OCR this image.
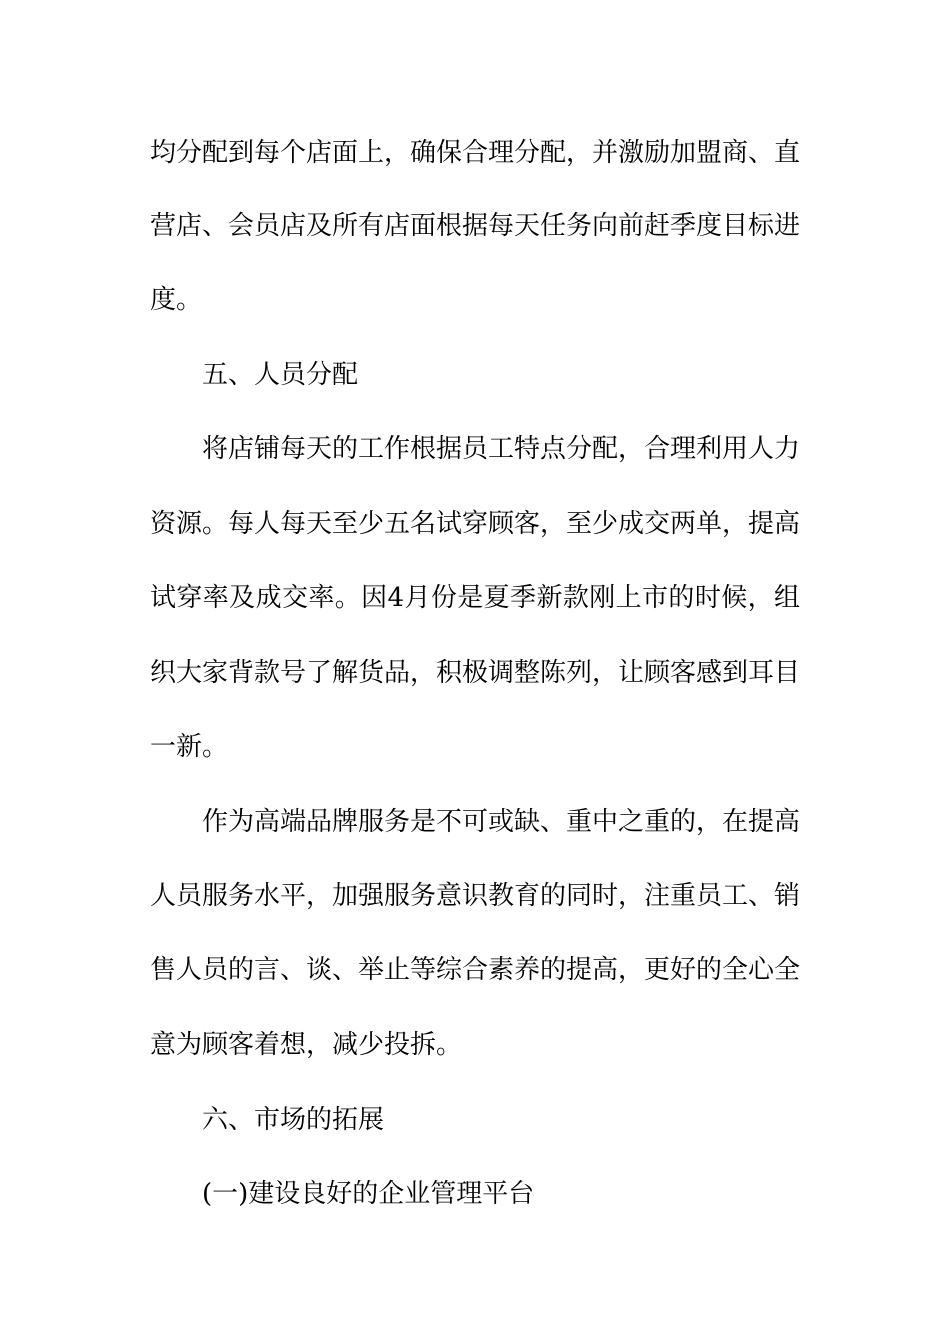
均分配到每个店面上，确保合理分配，并激励加盟商、直
营店、会员店及所有店面根据每天任务向前赶季度目标进
度。
五、人员分配
将店铺每天的工作根据员工特点分配，合理利用人力
资源。每人每天至少五名试穿顾客，至少成交两单，提高
试穿率及成交率。因4月份是夏季新款刚上市的时候，组
织大家背款号了解货品，积极调整陈列，让顾客感到耳目
一新。
作为高端品牌服务是不可或缺、重中之重的，在提高
人员服务水平，加强服务意识教育的同时，注重员工、销
售人员的言、谈、举止等综合素养的提高，更好的全心全
意为顾客着想，减少投拆。
六、市场的拓展
(一)建设良好的企业管理平台
